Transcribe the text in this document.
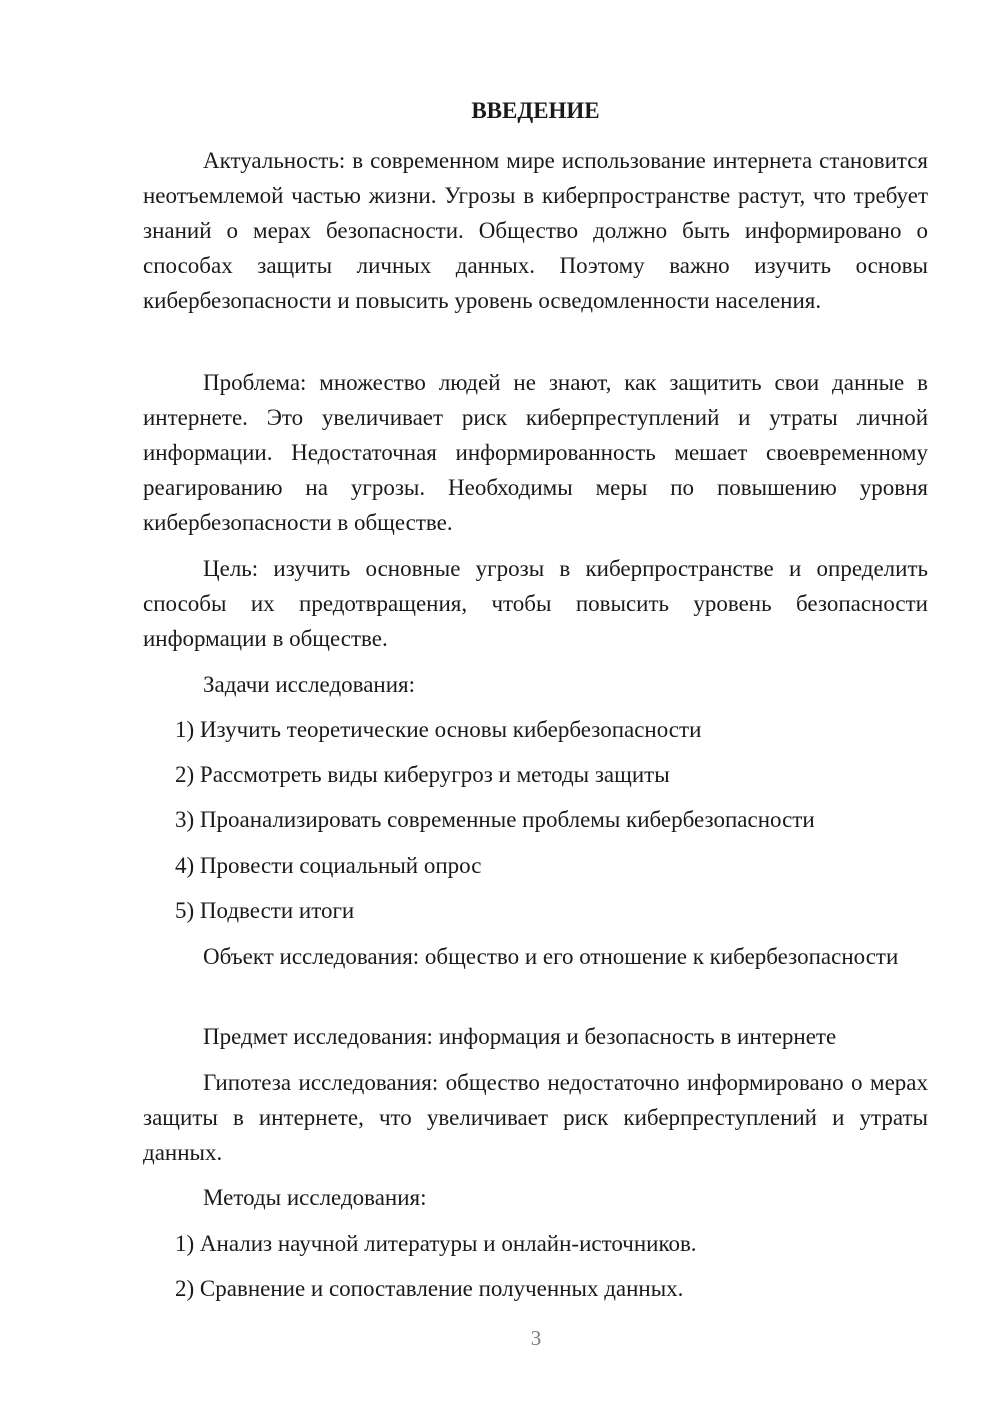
ВВЕДЕНИЕ

Актуальность: в современном мире использование интернета становится неотъемлемой частью жизни. Угрозы в киберпространстве растут, что требует знаний о мерах безопасности. Общество должно быть информировано о способах защиты личных данных. Поэтому важно изучить основы кибербезопасности и повысить уровень осведомленности населения.

Проблема: множество людей не знают, как защитить свои данные в интернете. Это увеличивает риск киберпреступлений и утраты личной информации. Недостаточная информированность мешает своевременному реагированию на угрозы. Необходимы меры по повышению уровня кибербезопасности в обществе.

Цель: изучить основные угрозы в киберпространстве и определить способы их предотвращения, чтобы повысить уровень безопасности информации в обществе.

Задачи исследования:

1) Изучить теоретические основы кибербезопасности

2) Рассмотреть виды киберугроз и методы защиты

3) Проанализировать современные проблемы кибербезопасности

4) Провести социальный опрос

5) Подвести итоги

Объект исследования: общество и его отношение к кибербезопасности

Предмет исследования: информация и безопасность в интернете

Гипотеза исследования: общество недостаточно информировано о мерах защиты в интернете, что увеличивает риск киберпреступлений и утраты данных.

Методы исследования:

1) Анализ научной литературы и онлайн-источников.

2) Сравнение и сопоставление полученных данных.

3
